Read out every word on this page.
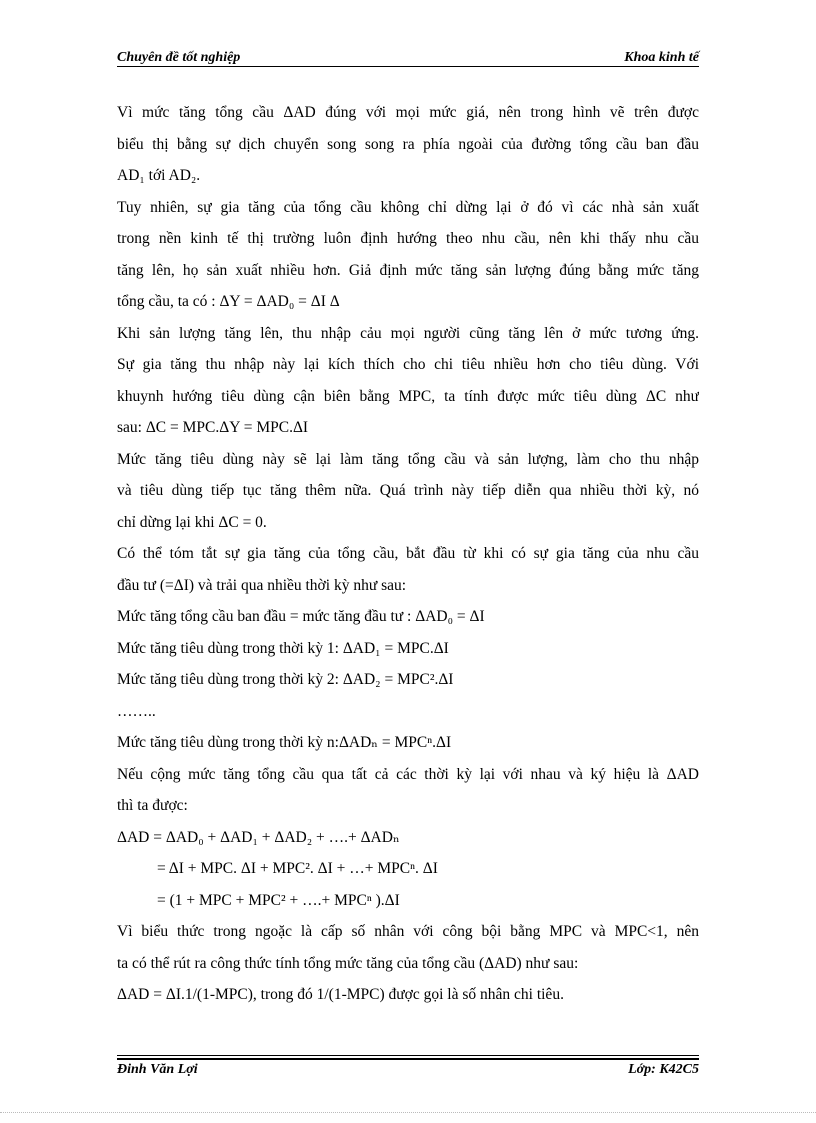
Chuyên đề tốt nghiệp	Khoa kinh tế
Vì mức tăng tổng cầu ΔAD đúng với mọi mức giá, nên trong hình vẽ trên được
biểu thị bằng sự dịch chuyển song song ra phía ngoài của đường tổng cầu ban đầu
AD₁ tới AD₂.
Tuy nhiên, sự gia tăng của tổng cầu không chỉ dừng lại ở đó vì các nhà sản xuất
trong nền kinh tế thị trường luôn định hướng theo nhu cầu, nên khi thấy nhu cầu
tăng lên, họ sản xuất nhiều hơn. Giả định mức tăng sản lượng đúng bằng mức tăng
tổng cầu, ta có : ΔY = ΔAD₀ = ΔI Δ
Khi sản lượng tăng lên, thu nhập cảu mọi người cũng tăng lên ở mức tương ứng.
Sự gia tăng thu nhập này lại kích thích cho chi tiêu nhiều hơn cho tiêu dùng. Với
khuynh hướng tiêu dùng cận biên bằng MPC, ta tính được mức tiêu dùng ΔC như
sau: ΔC = MPC.ΔY = MPC.ΔI
Mức tăng tiêu dùng này sẽ lại làm tăng tổng cầu và sản lượng, làm cho thu nhập
và tiêu dùng tiếp tục tăng thêm nữa. Quá trình này tiếp diễn qua nhiều thời kỳ, nó
chỉ dừng lại khi ΔC = 0.
Có thể tóm tắt sự gia tăng của tổng cầu, bắt đầu từ khi có sự gia tăng của nhu cầu
đầu tư (=ΔI) và trải qua nhiều thời kỳ như sau:
Mức tăng tổng cầu ban đầu = mức tăng đầu tư : ΔAD₀ = ΔI
Mức tăng tiêu dùng trong thời kỳ 1: ΔAD₁ = MPC.ΔI
Mức tăng tiêu dùng trong thời kỳ 2: ΔAD₂ = MPC².ΔI
……..
Mức tăng tiêu dùng trong thời kỳ n:ΔADₙ = MPCⁿ.ΔI
Nếu cộng mức tăng tổng cầu qua tất cả các thời kỳ lại với nhau và ký hiệu là ΔAD
thì ta được:
ΔAD = ΔAD₀ + ΔAD₁ + ΔAD₂ + ….+ ΔADₙ
= ΔI + MPC. ΔI + MPC². ΔI + …+ MPCⁿ. ΔI
= (1 + MPC + MPC² + ….+ MPCⁿ ).ΔI
Vì biểu thức trong ngoặc là cấp số nhân với công bội bằng MPC và MPC<1, nên
ta có thể rút ra công thức tính tổng mức tăng của tổng cầu (ΔAD) như sau:
ΔAD = ΔI.1/(1-MPC), trong đó 1/(1-MPC) được gọi là số nhân chi tiêu.
Đinh Văn Lợi	Lớp: K42C5
